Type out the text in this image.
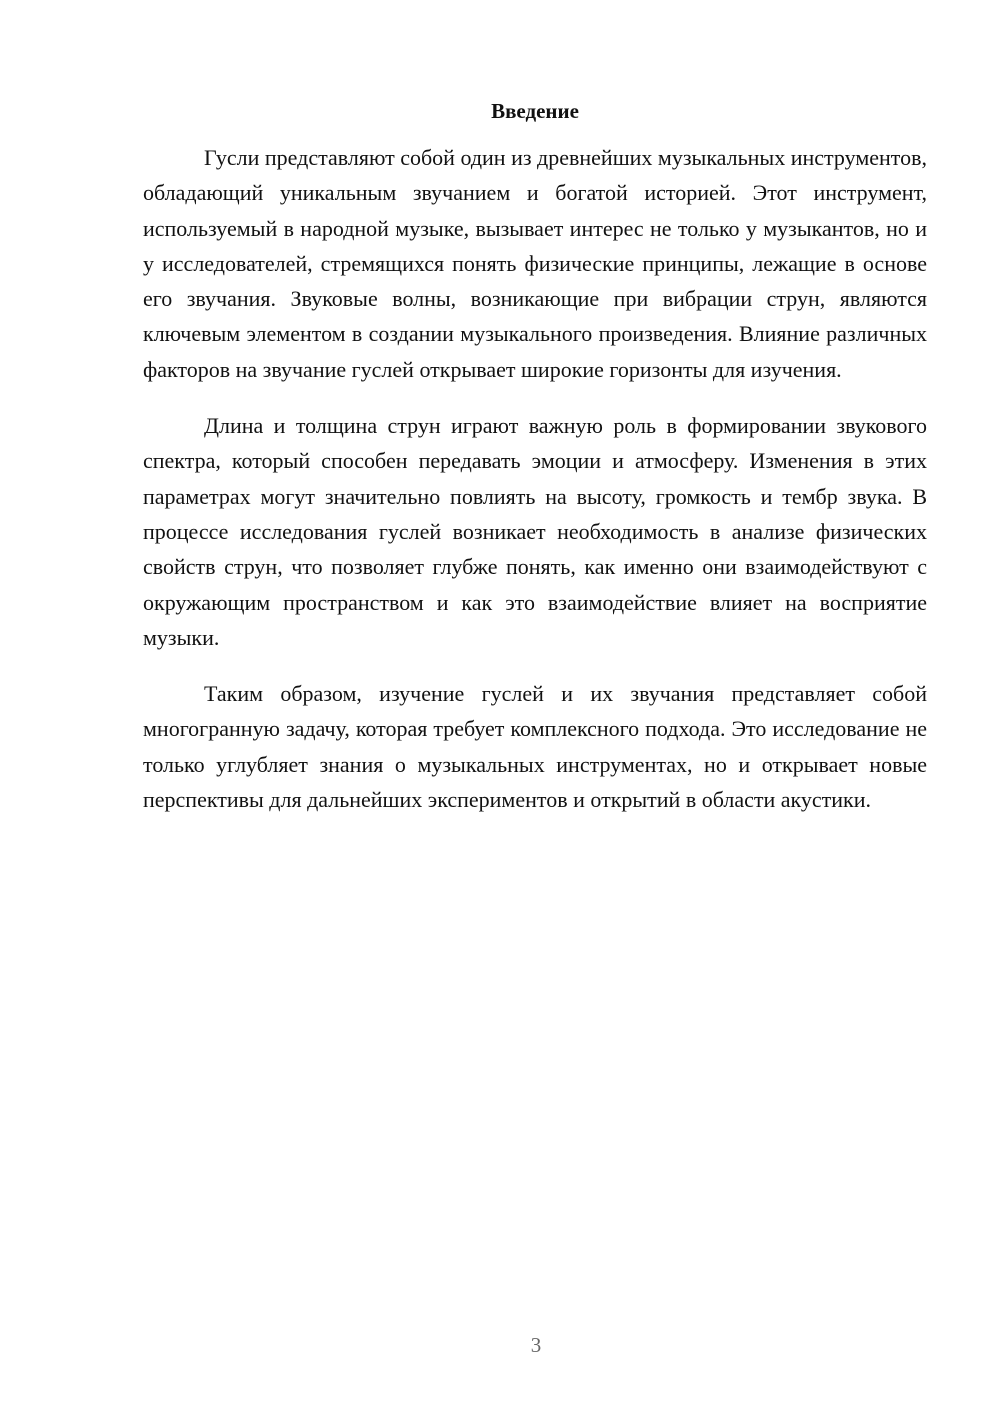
Введение

Гусли представляют собой один из древнейших музыкальных инструментов, обладающий уникальным звучанием и богатой историей. Этот инструмент, используемый в народной музыке, вызывает интерес не только у музыкантов, но и у исследователей, стремящихся понять физические принципы, лежащие в основе его звучания. Звуковые волны, возникающие при вибрации струн, являются ключевым элементом в создании музыкального произведения. Влияние различных факторов на звучание гуслей открывает широкие горизонты для изучения.

Длина и толщина струн играют важную роль в формировании звукового спектра, который способен передавать эмоции и атмосферу. Изменения в этих параметрах могут значительно повлиять на высоту, громкость и тембр звука. В процессе исследования гуслей возникает необходимость в анализе физических свойств струн, что позволяет глубже понять, как именно они взаимодействуют с окружающим пространством и как это взаимодействие влияет на восприятие музыки.

Таким образом, изучение гуслей и их звучания представляет собой многогранную задачу, которая требует комплексного подхода. Это исследование не только углубляет знания о музыкальных инструментах, но и открывает новые перспективы для дальнейших экспериментов и открытий в области акустики.

3
